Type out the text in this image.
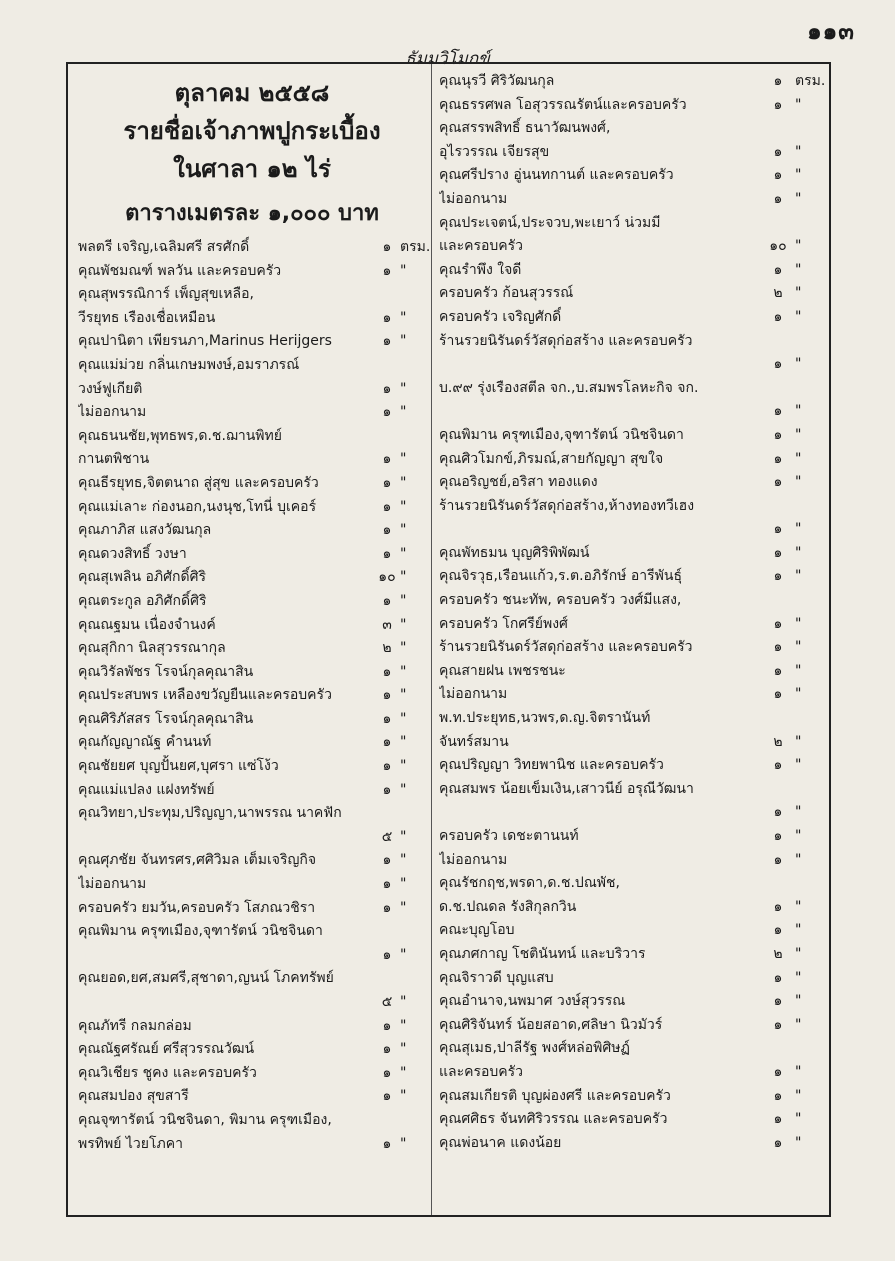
๑๑๓
ธัมมวิโมกข์
ตุลาคม ๒๕๕๘
รายชื่อเจ้าภาพปูกระเบื้อง
ในศาลา ๑๒ ไร่
ตารางเมตรละ ๑,๐๐๐ บาท
พลตรี เจริญ,เฉลิมศรี สรศักดิ์	๑ ตรม.
คุณพัชมณฑ์ พลวัน และครอบครัว	๑ "
คุณสุพรรณิการ์ เพ็ญสุขเหลือ,
วีรยุทธ เรืองเชื่อเหมือน	๑ "
คุณปานิตา เพียรนภา,Marinus Herijgers	๑ "
คุณแม่ม่วย กลิ่นเกษมพงษ์,อมราภรณ์
วงษ์ฟูเกียติ	๑ "
ไม่ออกนาม	๑ "
คุณธนนชัย,พุทธพร,ด.ช.ฌานพิทย์
กานตพิชาน	๑ "
คุณธีรยุทธ,จิตตนาถ สู่สุข และครอบครัว	๑ "
คุณแม่เลาะ ก่องนอก,นงนุช,โทนี่ บุเคอร์	๑ "
คุณภาภิส แสงวัฒนกุล	๑ "
คุณดวงสิทธิ์ วงษา	๑ "
คุณสุเพลิน อภิศักดิ์ศิริ	๑๐ "
คุณตระกูล อภิศักดิ์ศิริ	๑ "
คุณณฐมน เนื่องจำนงค์	๓ "
คุณสุกิกา นิลสุวรรณากุล	๒ "
คุณวิรัลพัชร โรจน์กุลคุณาสิน	๑ "
คุณประสบพร เหลืองขวัญยืนและครอบครัว	๑ "
คุณศิริภัสสร โรจน์กุลคุณาสิน	๑ "
คุณกัญญาณัฐ คำนนท์	๑ "
คุณชัยยศ บุญปั้นยศ,บุศรา แซ่โง้ว	๑ "
คุณแม่แปลง แฝงทรัพย์	๑ "
คุณวิทยา,ประทุม,ปริญญา,นาพรรณ นาคฟัก
๕ "
คุณศุภชัย จันทรศร,ศศิวิมล เต็มเจริญกิจ	๑ "
ไม่ออกนาม	๑ "
ครอบครัว ยมวัน,ครอบครัว โสภณวชิรา	๑ "
คุณพิมาน ครุฑเมือง,จุฑารัตน์ วนิชจินดา
๑ "
คุณยอด,ยศ,สมศรี,สุชาดา,ญนน์ โภคทรัพย์
๕ "
คุณภัทรี กลมกล่อม	๑ "
คุณณัฐศรัณย์ ศรีสุวรรณวัฒน์	๑ "
คุณวิเชียร ชูคง และครอบครัว	๑ "
คุณสมปอง สุขสารี	๑ "
คุณจุฑารัตน์ วนิชจินดา, พิมาน ครุฑเมือง,
พรทิพย์ ไวยโภคา	๑ "
คุณนุรวี ศิริวัฒนกุล	๑ ตรม.
คุณธรรศพล โอสุวรรณรัตน์และครอบครัว	๑ "
คุณสรรพสิทธิ์ ธนาวัฒนพงศ์,
อุไรวรรณ เจียรสุข	๑ "
คุณศรีปราง อู่นนทกานต์ และครอบครัว	๑ "
ไม่ออกนาม	๑ "
คุณประเจตน์,ประจวบ,พะเยาว์ น่วมมี
และครอบครัว	๑๐ "
คุณรำพึง ใจดี	๑ "
ครอบครัว ก้อนสุวรรณ์	๒ "
ครอบครัว เจริญศักดิ์	๑ "
ร้านรวยนิรันดร์วัสดุก่อสร้าง และครอบครัว
๑ "
บ.๙๙ รุ่งเรืองสตีล จก.,บ.สมพรโลหะกิจ จก.
๑ "
คุณพิมาน ครุฑเมือง,จุฑารัตน์ วนิชจินดา	๑ "
คุณศิวโมกข์,ภิรมณ์,สายกัญญา สุขใจ	๑ "
คุณอริญชย์,อริสา ทองแดง	๑ "
ร้านรวยนิรันดร์วัสดุก่อสร้าง,ห้างทองทวีเฮง
๑ "
คุณพัทธมน บุญศิริพิพัฒน์	๑ "
คุณจิรวุธ,เรือนแก้ว,ร.ต.อภิรักษ์ อารีพันธุ์	๑ "
ครอบครัว ชนะทัพ, ครอบครัว วงศ์มีแสง,
ครอบครัว โกศรีย์พงศ์	๑ "
ร้านรวยนิรันดร์วัสดุก่อสร้าง และครอบครัว	๑ "
คุณสายฝน เพชรชนะ	๑ "
ไม่ออกนาม	๑ "
พ.ท.ประยุทธ,นวพร,ด.ญ.จิตรานันท์
จันทร์สมาน	๒ "
คุณปริญญา วิทยพานิช และครอบครัว	๑ "
คุณสมพร น้อยเข็มเงิน,เสาวนีย์ อรุณีวัฒนา
๑ "
ครอบครัว เดชะตานนท์	๑ "
ไม่ออกนาม	๑ "
คุณรัชกฤช,พรดา,ด.ช.ปณพัช,
ด.ช.ปณดล รังสิกุลกวิน	๑ "
คณะบุญโอบ	๑ "
คุณภศกาญ โชตินันทน์ และบริวาร	๒ "
คุณจิราวดี บุญแสบ	๑ "
คุณอำนาจ,นพมาศ วงษ์สุวรรณ	๑ "
คุณศิริจันทร์ น้อยสอาด,ศลิษา นิวมัวร์	๑ "
คุณสุเมธ,ปาลีรัฐ พงศ์หล่อพิศิษฏ์
และครอบครัว	๑ "
คุณสมเกียรติ บุญผ่องศรี และครอบครัว	๑ "
คุณศศิธร จันทศิริวรรณ และครอบครัว	๑ "
คุณพ่อนาค แดงน้อย	๑ "
